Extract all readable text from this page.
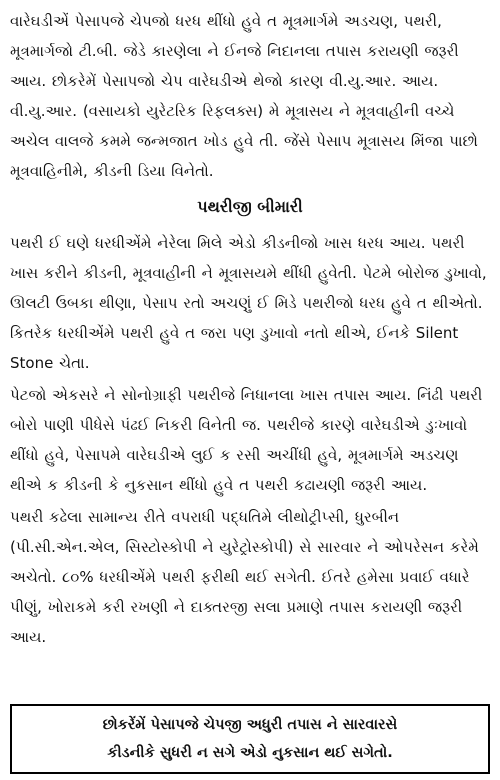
વારેઘડીએં પેસાપજે ચેપજો ધરધ થીંધો હુવે ત મૂત્રમાર્ગમે અડચણ, પથરી, મૂત્રમાર્ગજો ટી.બી. જેડે કારણેલા ને ઈનજે નિદાનલા તપાસ કરાયણી જરૂરી આય. છોકરેમેં પેસાપજો ચેપ વારેઘડીએ થેજો કારણ વી.યુ.આર. આય. વી.યુ.આર. (વસાયકો યુરેટરિક રિફલક્સ) મે મૂત્રાસય ને મૂત્રવાહીની વચ્ચે અચેલ વાલજે કમમે જન્મજાત ખોડ હુવે તી. જેંસે પેસાપ મૂત્રાસય મિંજા પાછો મૂત્રવાહિનીમે, કીડની ડિયા વિનેતો.

પથરીજી બીમારી

પથરી ઈ ઘણે ધરધીએંમે નેરેલા મિલે એડો કીડનીજો ખાસ ધરધ આય. પથરી ખાસ કરીને કીડની, મૂત્રવાહીની ને મૂત્રાસયમે થીંધી હુવેતી. પેટમે બોરોજ ડુખાવો, ઊલટી ઉબકા થીણા, પેસાપ રતો અચણું ઈ મિડે પથરીજો ધરધ હુવે ત થીએતો. કિતરેક ધરધીએંમે પથરી હુવે ત જરા પણ ડુખાવો નતો થીએ, ઈનકે Silent Stone ચેતા.

પેટજો એકસરે ને સોનોગ્રાફી પથરીજે નિધાનલા ખાસ તપાસ આય. નિંઢી પથરી બોરો પાણી પીધેસે પંઢઈ નિકરી વિનેતી જ. પથરીજે કારણે વારેઘડીએ ડુઃખાવો થીંધો હુવે, પેસાપમે વારેઘડીએ લુઈ ક રસી અચીંધી હુવે, મૂત્રમાર્ગમે અડચણ થીએ ક કીડની કે નુકસાન થીંધો હુવે ત પથરી કઢાયણી જરૂરી આય.

પથરી કઢેલા સામાન્ય રીતે વપરાધી પદ્ધતિમે લીથોટ્રીપ્સી, ધુરબીન (પી.સી.એન.એલ, સિસ્ટોસ્કોપી ને યુરેટ્રોસ્કોપી) સે સારવાર ને ઓપરેસન કરેમે અચેતો. ૮૦% ધરધીએંમે પથરી ફરીથી થઈ સગેતી. ઈતરે હમેસા પ્રવાઈ વધારે પીણું, ખોરાકમે કરી રખણી ને દાક્તરજી સલા પ્રમાણે તપાસ કરાયણી જરૂરી આય.

છોકરેંમેં પેસાપજે ચેપજી અધુરી તપાસ ને સારવારસે
કીડનીકે સુધરી ન સગે એડો નુકસાન થઈ સગેતો.
